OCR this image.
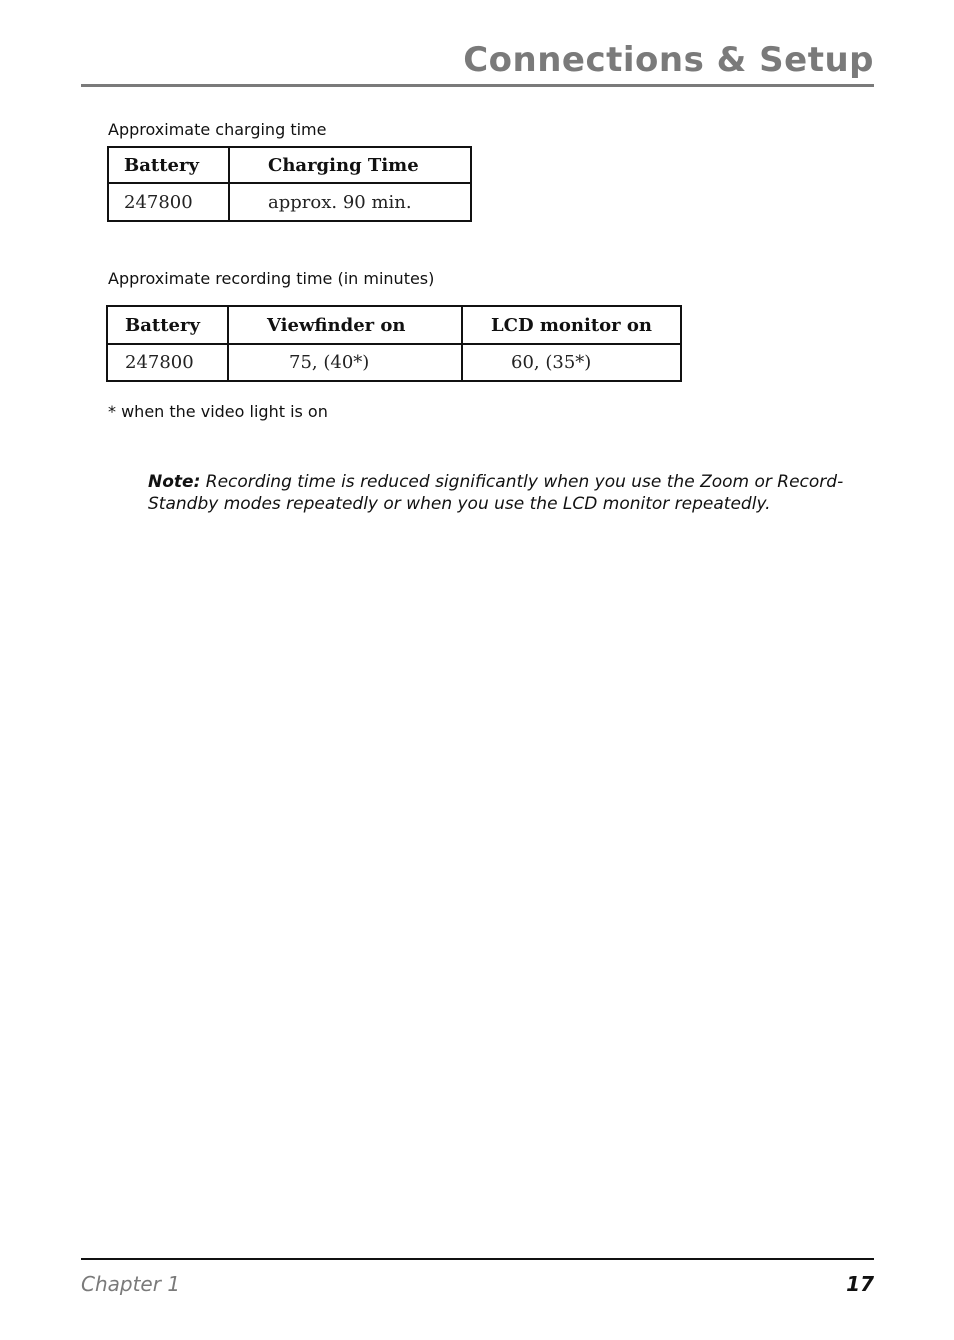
Connections & Setup
Approximate charging time
Battery	Charging Time
247800	approx. 90 min.
Approximate recording time (in minutes)
Battery	Viewfinder on	LCD monitor on
247800	75, (40*)	60, (35*)
* when the video light is on
Note: Recording time is reduced significantly when you use the Zoom or Record-Standby modes repeatedly or when you use the LCD monitor repeatedly.
Chapter 1	17
